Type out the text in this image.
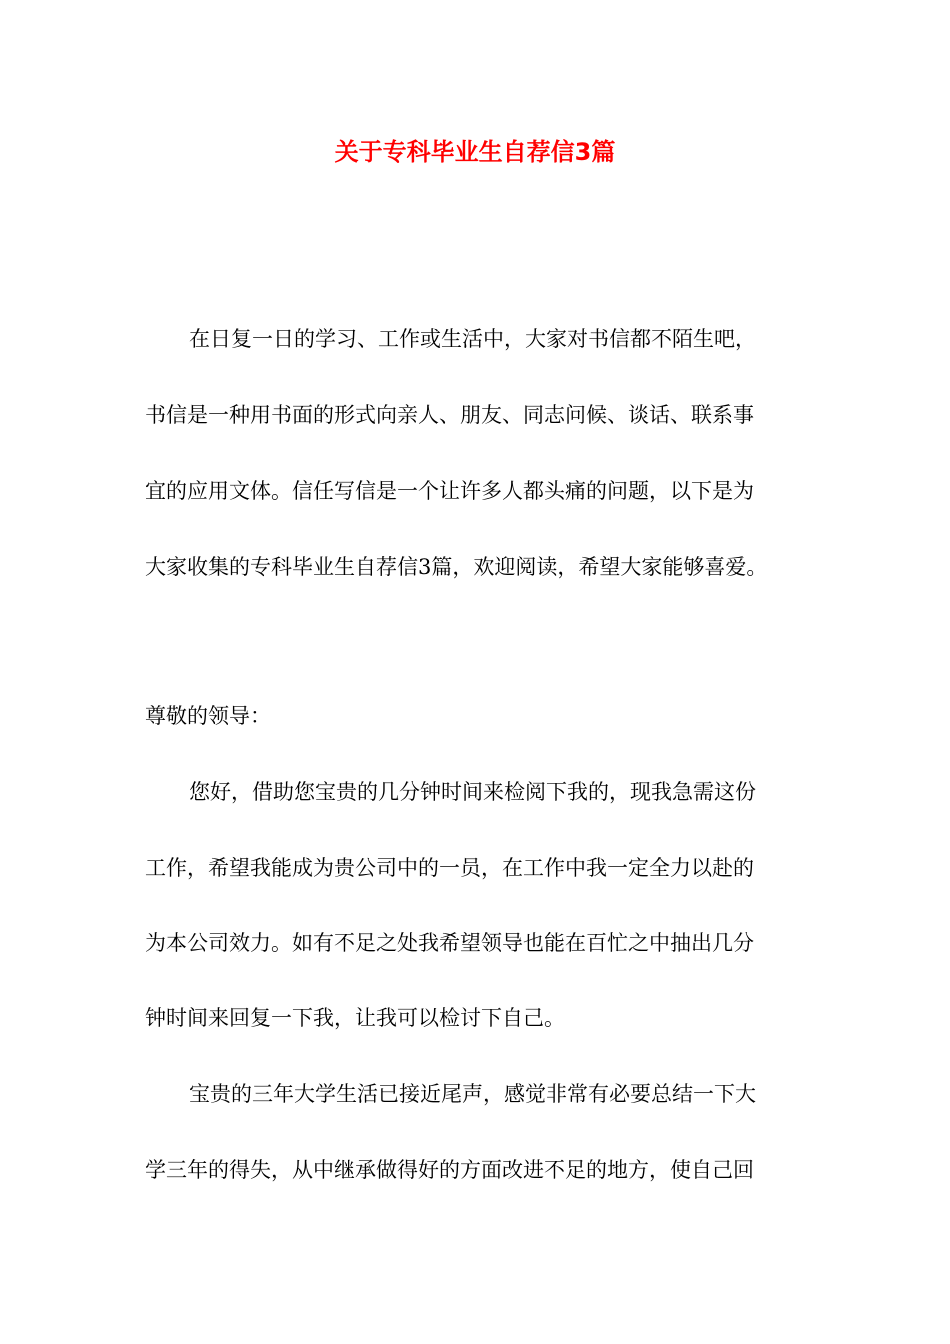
关于专科毕业生自荐信3篇

在日复一日的学习、工作或生活中，大家对书信都不陌生吧，

书信是一种用书面的形式向亲人、朋友、同志问候、谈话、联系事

宜的应用文体。信任写信是一个让许多人都头痛的问题，以下是为

大家收集的专科毕业生自荐信3篇，欢迎阅读，希望大家能够喜爱。

尊敬的领导：

您好，借助您宝贵的几分钟时间来检阅下我的，现我急需这份

工作，希望我能成为贵公司中的一员，在工作中我一定全力以赴的

为本公司效力。如有不足之处我希望领导也能在百忙之中抽出几分

钟时间来回复一下我，让我可以检讨下自己。

宝贵的三年大学生活已接近尾声，感觉非常有必要总结一下大

学三年的得失，从中继承做得好的方面改进不足的地方，使自己回
